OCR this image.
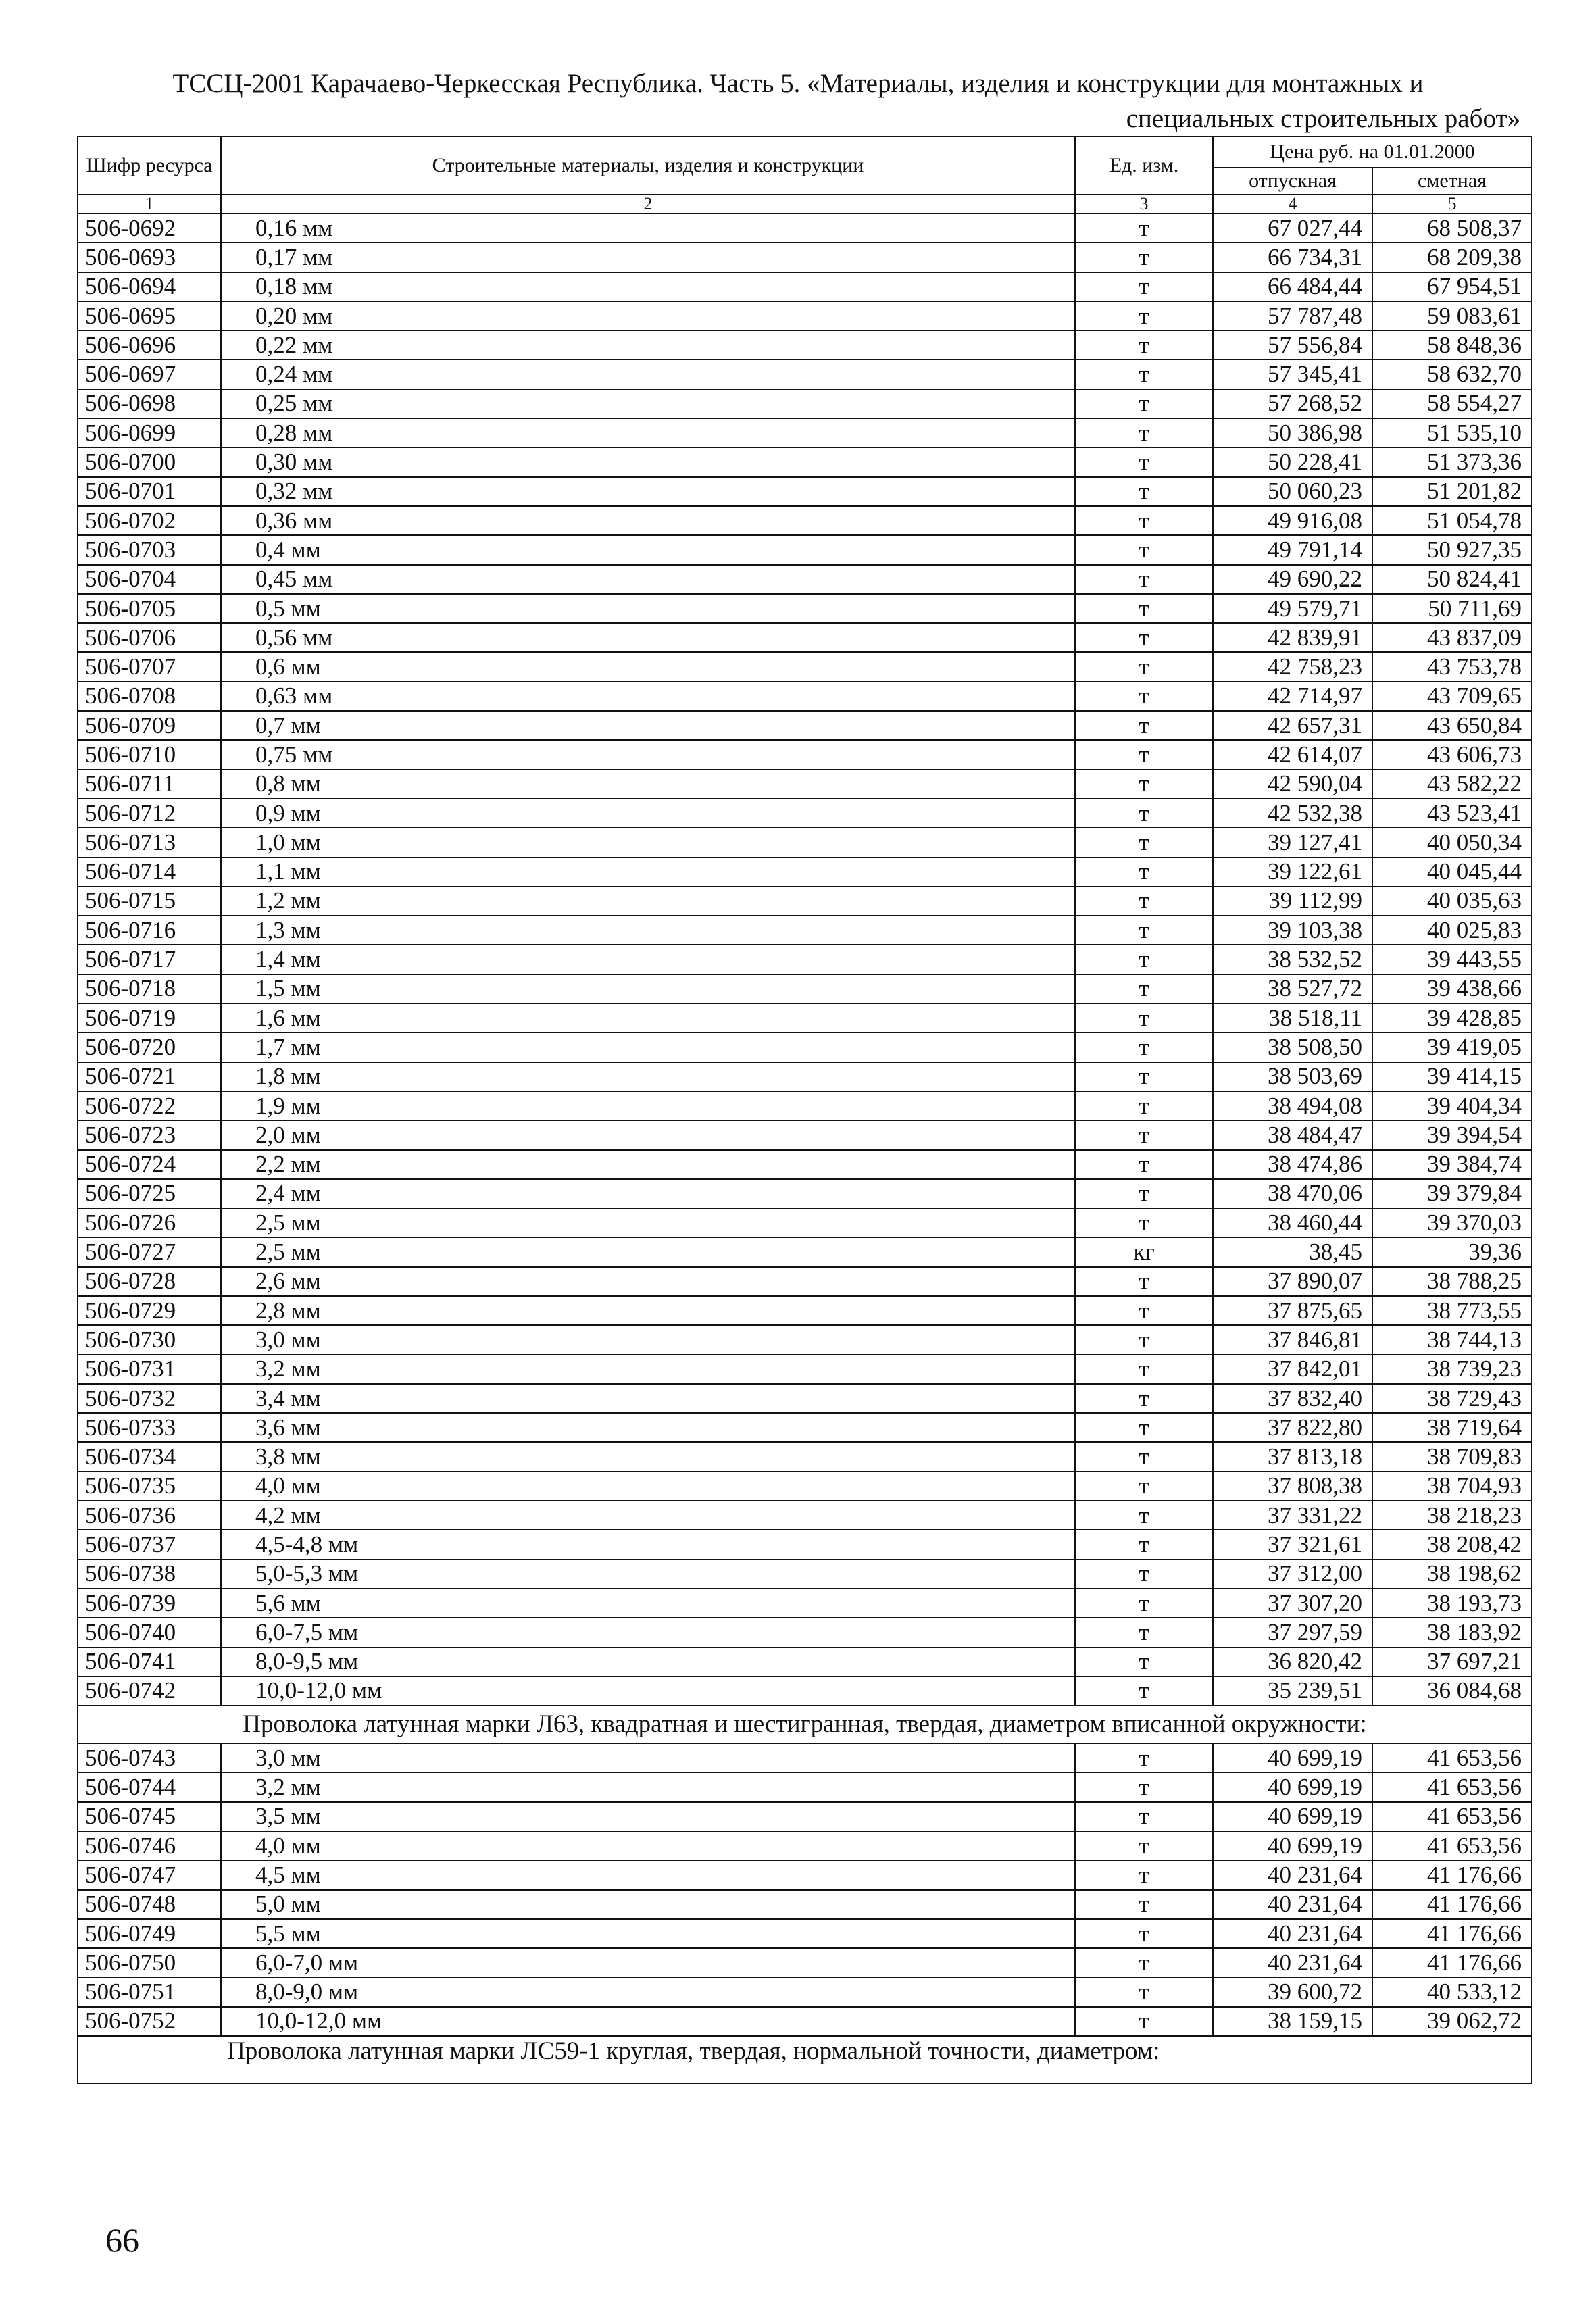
ТССЦ-2001 Карачаево-Черкесская Республика. Часть 5. «Материалы, изделия и конструкции для монтажных и
специальных строительных работ»
Шифр ресурса	Строительные материалы, изделия и конструкции	Ед. изм.	Цена руб. на 01.01.2000	
			отпускная	сметная
1	2	3	4	5
506-0692	0,16 мм	т	67 027,44	68 508,37
506-0693	0,17 мм	т	66 734,31	68 209,38
506-0694	0,18 мм	т	66 484,44	67 954,51
506-0695	0,20 мм	т	57 787,48	59 083,61
506-0696	0,22 мм	т	57 556,84	58 848,36
506-0697	0,24 мм	т	57 345,41	58 632,70
506-0698	0,25 мм	т	57 268,52	58 554,27
506-0699	0,28 мм	т	50 386,98	51 535,10
506-0700	0,30 мм	т	50 228,41	51 373,36
506-0701	0,32 мм	т	50 060,23	51 201,82
506-0702	0,36 мм	т	49 916,08	51 054,78
506-0703	0,4 мм	т	49 791,14	50 927,35
506-0704	0,45 мм	т	49 690,22	50 824,41
506-0705	0,5 мм	т	49 579,71	50 711,69
506-0706	0,56 мм	т	42 839,91	43 837,09
506-0707	0,6 мм	т	42 758,23	43 753,78
506-0708	0,63 мм	т	42 714,97	43 709,65
506-0709	0,7 мм	т	42 657,31	43 650,84
506-0710	0,75 мм	т	42 614,07	43 606,73
506-0711	0,8 мм	т	42 590,04	43 582,22
506-0712	0,9 мм	т	42 532,38	43 523,41
506-0713	1,0 мм	т	39 127,41	40 050,34
506-0714	1,1 мм	т	39 122,61	40 045,44
506-0715	1,2 мм	т	39 112,99	40 035,63
506-0716	1,3 мм	т	39 103,38	40 025,83
506-0717	1,4 мм	т	38 532,52	39 443,55
506-0718	1,5 мм	т	38 527,72	39 438,66
506-0719	1,6 мм	т	38 518,11	39 428,85
506-0720	1,7 мм	т	38 508,50	39 419,05
506-0721	1,8 мм	т	38 503,69	39 414,15
506-0722	1,9 мм	т	38 494,08	39 404,34
506-0723	2,0 мм	т	38 484,47	39 394,54
506-0724	2,2 мм	т	38 474,86	39 384,74
506-0725	2,4 мм	т	38 470,06	39 379,84
506-0726	2,5 мм	т	38 460,44	39 370,03
506-0727	2,5 мм	кг	38,45	39,36
506-0728	2,6 мм	т	37 890,07	38 788,25
506-0729	2,8 мм	т	37 875,65	38 773,55
506-0730	3,0 мм	т	37 846,81	38 744,13
506-0731	3,2 мм	т	37 842,01	38 739,23
506-0732	3,4 мм	т	37 832,40	38 729,43
506-0733	3,6 мм	т	37 822,80	38 719,64
506-0734	3,8 мм	т	37 813,18	38 709,83
506-0735	4,0 мм	т	37 808,38	38 704,93
506-0736	4,2 мм	т	37 331,22	38 218,23
506-0737	4,5-4,8 мм	т	37 321,61	38 208,42
506-0738	5,0-5,3 мм	т	37 312,00	38 198,62
506-0739	5,6 мм	т	37 307,20	38 193,73
506-0740	6,0-7,5 мм	т	37 297,59	38 183,92
506-0741	8,0-9,5 мм	т	36 820,42	37 697,21
506-0742	10,0-12,0 мм	т	35 239,51	36 084,68
Проволока латунная марки Л63, квадратная и шестигранная, твердая, диаметром вписанной окружности:				
506-0743	3,0 мм	т	40 699,19	41 653,56
506-0744	3,2 мм	т	40 699,19	41 653,56
506-0745	3,5 мм	т	40 699,19	41 653,56
506-0746	4,0 мм	т	40 699,19	41 653,56
506-0747	4,5 мм	т	40 231,64	41 176,66
506-0748	5,0 мм	т	40 231,64	41 176,66
506-0749	5,5 мм	т	40 231,64	41 176,66
506-0750	6,0-7,0 мм	т	40 231,64	41 176,66
506-0751	8,0-9,0 мм	т	39 600,72	40 533,12
506-0752	10,0-12,0 мм	т	38 159,15	39 062,72
Проволока латунная марки ЛС59-1 круглая, твердая, нормальной точности, диаметром:				
66
